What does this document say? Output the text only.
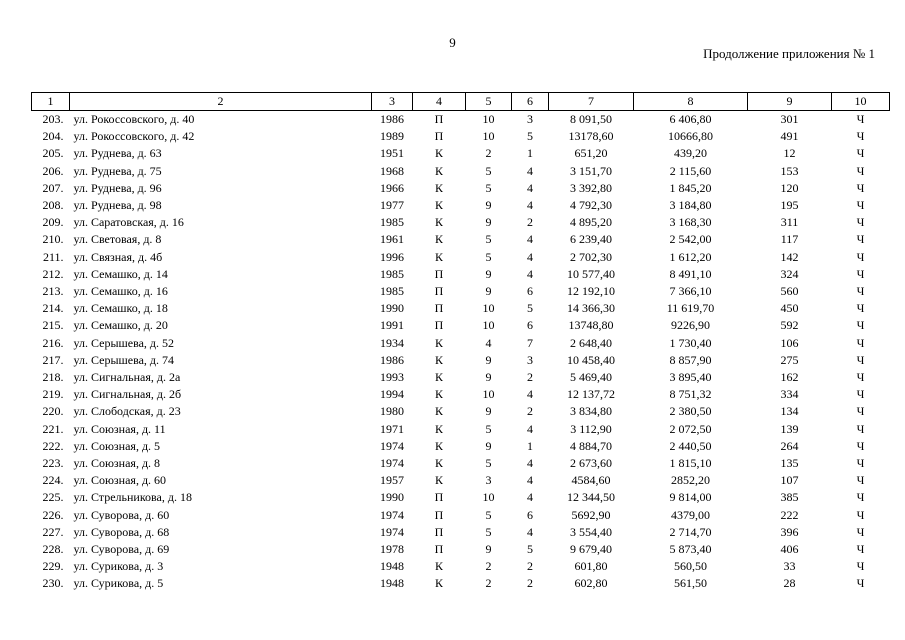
9
Продолжение приложения № 1
1	2	3	4	5	6	7	8	9	10
203.	ул. Рокоссовского, д. 40	1986	П	10	3	8 091,50	6 406,80	301	Ч
204.	ул. Рокоссовского, д. 42	1989	П	10	5	13178,60	10666,80	491	Ч
205.	ул. Руднева, д. 63	1951	К	2	1	651,20	439,20	12	Ч
206.	ул. Руднева, д. 75	1968	К	5	4	3 151,70	2 115,60	153	Ч
207.	ул. Руднева, д. 96	1966	К	5	4	3 392,80	1 845,20	120	Ч
208.	ул. Руднева, д. 98	1977	К	9	4	4 792,30	3 184,80	195	Ч
209.	ул. Саратовская, д. 16	1985	К	9	2	4 895,20	3 168,30	311	Ч
210.	ул. Световая, д. 8	1961	К	5	4	6 239,40	2 542,00	117	Ч
211.	ул. Связная, д. 4б	1996	К	5	4	2 702,30	1 612,20	142	Ч
212.	ул. Семашко, д. 14	1985	П	9	4	10 577,40	8 491,10	324	Ч
213.	ул. Семашко, д. 16	1985	П	9	6	12 192,10	7 366,10	560	Ч
214.	ул. Семашко, д. 18	1990	П	10	5	14 366,30	11 619,70	450	Ч
215.	ул. Семашко, д. 20	1991	П	10	6	13748,80	9226,90	592	Ч
216.	ул. Серышева, д. 52	1934	К	4	7	2 648,40	1 730,40	106	Ч
217.	ул. Серышева, д. 74	1986	К	9	3	10 458,40	8 857,90	275	Ч
218.	ул. Сигнальная, д. 2а	1993	К	9	2	5 469,40	3 895,40	162	Ч
219.	ул. Сигнальная, д. 2б	1994	К	10	4	12 137,72	8 751,32	334	Ч
220.	ул. Слободская, д. 23	1980	К	9	2	3 834,80	2 380,50	134	Ч
221.	ул. Союзная, д. 11	1971	К	5	4	3 112,90	2 072,50	139	Ч
222.	ул. Союзная, д. 5	1974	К	9	1	4 884,70	2 440,50	264	Ч
223.	ул. Союзная, д. 8	1974	К	5	4	2 673,60	1 815,10	135	Ч
224.	ул. Союзная, д. 60	1957	К	3	4	4584,60	2852,20	107	Ч
225.	ул. Стрельникова, д. 18	1990	П	10	4	12 344,50	9 814,00	385	Ч
226.	ул. Суворова, д. 60	1974	П	5	6	5692,90	4379,00	222	Ч
227.	ул. Суворова, д. 68	1974	П	5	4	3 554,40	2 714,70	396	Ч
228.	ул. Суворова, д. 69	1978	П	9	5	9 679,40	5 873,40	406	Ч
229.	ул. Сурикова, д. 3	1948	К	2	2	601,80	560,50	33	Ч
230.	ул. Сурикова, д. 5	1948	К	2	2	602,80	561,50	28	Ч
